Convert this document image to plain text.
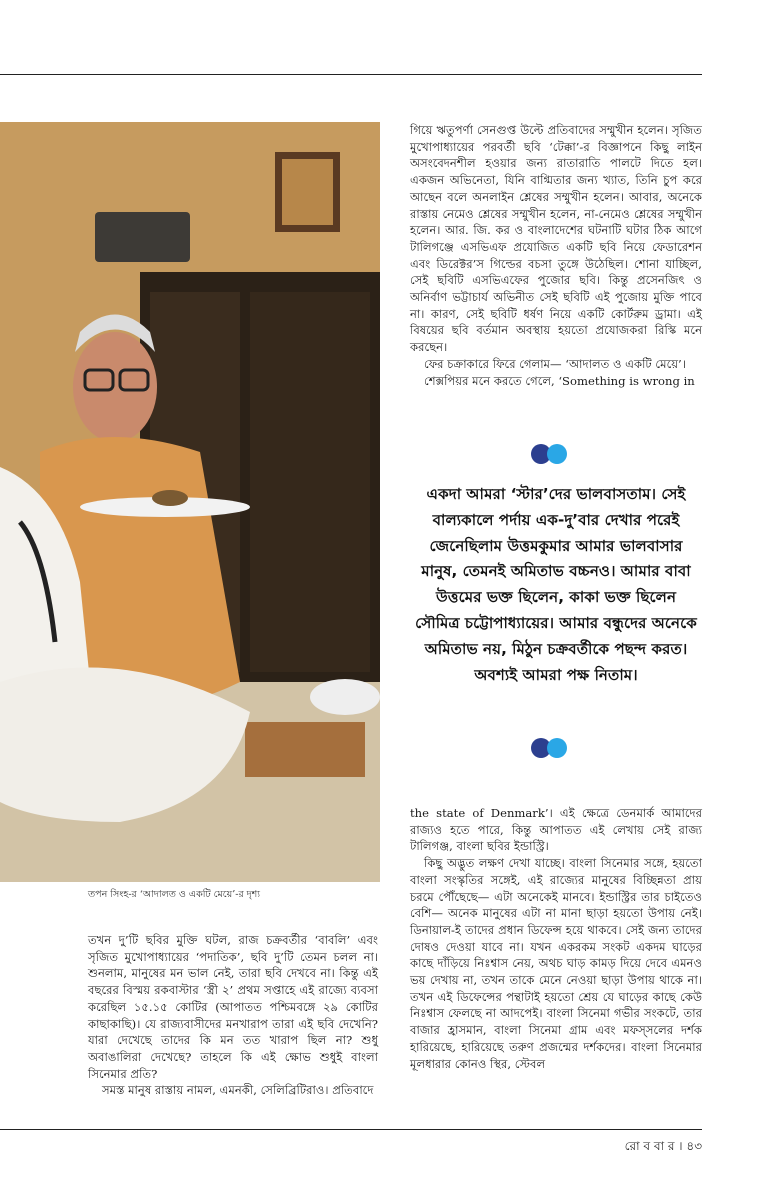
তপন সিংহ-র ‘আদালত ও একটি মেয়ে’-র দৃশ্য

গিয়ে ঋতুপর্ণা সেনগুপ্ত উল্টে প্রতিবাদের সম্মুখীন হলেন। সৃজিত মুখোপাধ্যায়ের পরবর্তী ছবি ‘টেক্কা’-র বিজ্ঞাপনে কিছু লাইন অসংবেদনশীল হওয়ার জন্য রাতারাতি পালটে দিতে হল। একজন অভিনেতা, যিনি বাগ্মিতার জন্য খ্যাত, তিনি চুপ করে আছেন বলে অনলাইন শ্লেষের সম্মুখীন হলেন। আবার, অনেকে রাস্তায় নেমেও শ্লেষের সম্মুখীন হলেন, না-নেমেও শ্লেষের সম্মুখীন হলেন। আর. জি. কর ও বাংলাদেশের ঘটনাটি ঘটার ঠিক আগে টালিগঞ্জে এসভিএফ প্রযোজিত একটি ছবি নিয়ে ফেডারেশন এবং ডিরেক্টর’স গিল্ডের বচসা তুঙ্গে উঠেছিল। শোনা যাচ্ছিল, সেই ছবিটি এসভিএফের পুজোর ছবি। কিন্তু প্রসেনজিৎ ও অনির্বাণ ভট্টাচার্য অভিনীত সেই ছবিটি এই পুজোয় মুক্তি পাবে না। কারণ, সেই ছবিটি ধর্ষণ নিয়ে একটি কোর্টরুম ড্রামা। এই বিষয়ের ছবি বর্তমান অবস্থায় হয়তো প্রযোজকরা রিস্কি মনে করছেন।

ফের চক্রাকারে ফিরে গেলাম— ‘আদালত ও একটি মেয়ে’।

শেক্সপিয়র মনে করতে গেলে, ‘Something is wrong in

একদা আমরা ‘স্টার’দের ভালবাসতাম। সেই বাল্যকালে পর্দায় এক-দু’বার দেখার পরেই জেনেছিলাম উত্তমকুমার আমার ভালবাসার মানুষ, তেমনই অমিতাভ বচ্চনও। আমার বাবা উত্তমের ভক্ত ছিলেন, কাকা ভক্ত ছিলেন সৌমিত্র চট্টোপাধ্যায়ের। আমার বন্ধুদের অনেকে অমিতাভ নয়, মিঠুন চক্রবর্তীকে পছন্দ করত। অবশ্যই আমরা পক্ষ নিতাম।

the state of Denmark’। এই ক্ষেত্রে ডেনমার্ক আমাদের রাজ্যও হতে পারে, কিন্তু আপাতত এই লেখায় সেই রাজ্য টালিগঞ্জ, বাংলা ছবির ইন্ডাস্ট্রি।

কিছু অদ্ভুত লক্ষণ দেখা যাচ্ছে। বাংলা সিনেমার সঙ্গে, হয়তো বাংলা সংস্কৃতির সঙ্গেই, এই রাজ্যের মানুষের বিচ্ছিন্নতা প্রায় চরমে পৌঁছেছে— এটা অনেকেই মানবে। ইন্ডাস্ট্রির তার চাইতেও বেশি— অনেক মানুষের এটা না মানা ছাড়া হয়তো উপায় নেই। ডিনায়াল-ই তাদের প্রধান ডিফেন্স হয়ে থাকবে। সেই জন্য তাদের দোষও দেওয়া যাবে না। যখন একরকম সংকট একদম ঘাড়ের কাছে দাঁড়িয়ে নিঃশ্বাস নেয়, অথচ ঘাড় কামড় দিয়ে দেবে এমনও ভয় দেখায় না, তখন তাকে মেনে নেওয়া ছাড়া উপায় থাকে না। তখন এই ডিফেন্সের পন্থাটাই হয়তো শ্রেয় যে ঘাড়ের কাছে কেউ নিঃশ্বাস ফেলছে না আদপেই। বাংলা সিনেমা গভীর সংকটে, তার বাজার হ্রাসমান, বাংলা সিনেমা গ্রাম এবং মফস্‌সলের দর্শক হারিয়েছে, হারিয়েছে তরুণ প্রজন্মের দর্শকদের। বাংলা সিনেমার মূলধারার কোনও স্থির, স্টেবল

তখন দু’টি ছবির মুক্তি ঘটল, রাজ চক্রবর্তীর ‘বাবলি’ এবং সৃজিত মুখোপাধ্যায়ের ‘পদাতিক’, ছবি দু’টি তেমন চলল না। শুনলাম, মানুষের মন ভাল নেই, তারা ছবি দেখবে না। কিন্তু এই বছরের বিস্ময় রকবাস্টার ‘স্ত্রী ২’ প্রথম সপ্তাহে এই রাজ্যে ব্যবসা করেছিল ১৫.১৫ কোটির (আপাতত পশ্চিমবঙ্গে ২৯ কোটির কাছাকাছি)। যে রাজ্যবাসীদের মনখারাপ তারা এই ছবি দেখেনি? যারা দেখেছে তাদের কি মন তত খারাপ ছিল না? শুধু অবাঙালিরা দেখেছে? তাহলে কি এই ক্ষোভ শুধুই বাংলা সিনেমার প্রতি?

সমস্ত মানুষ রাস্তায় নামল, এমনকী, সেলিব্রিটিরাও। প্রতিবাদে

রো ব বা র । ৪৩
